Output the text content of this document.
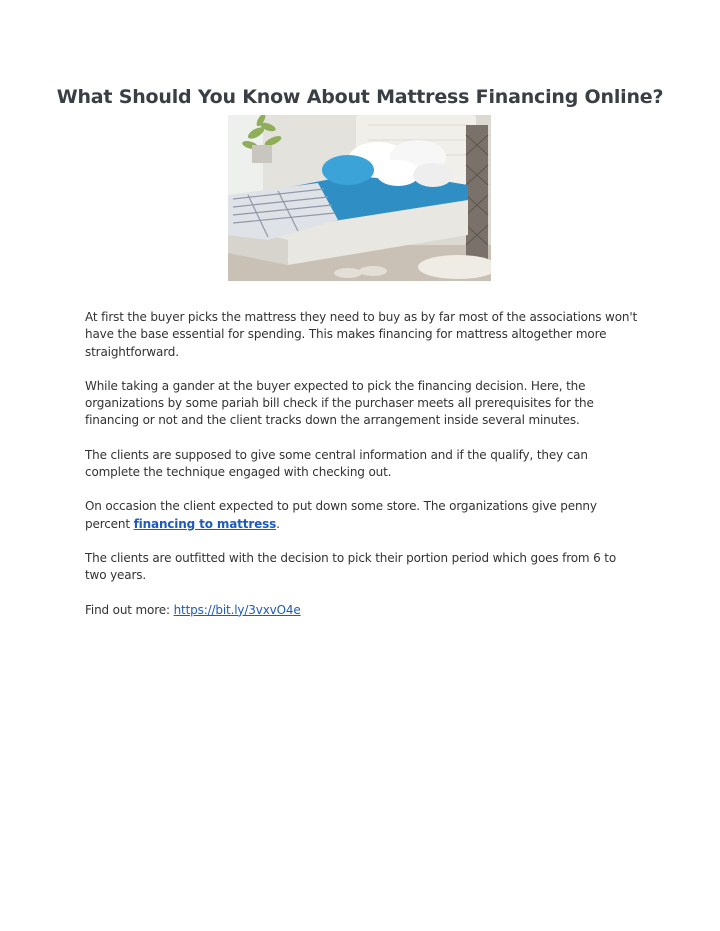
What Should You Know About Mattress Financing Online?

At first the buyer picks the mattress they need to buy as by far most of the associations won't have the base essential for spending. This makes financing for mattress altogether more straightforward.

While taking a gander at the buyer expected to pick the financing decision. Here, the organizations by some pariah bill check if the purchaser meets all prerequisites for the financing or not and the client tracks down the arrangement inside several minutes.

The clients are supposed to give some central information and if the qualify, they can complete the technique engaged with checking out.

On occasion the client expected to put down some store. The organizations give penny percent financing to mattress.

The clients are outfitted with the decision to pick their portion period which goes from 6 to two years.

Find out more: https://bit.ly/3vxvO4e
